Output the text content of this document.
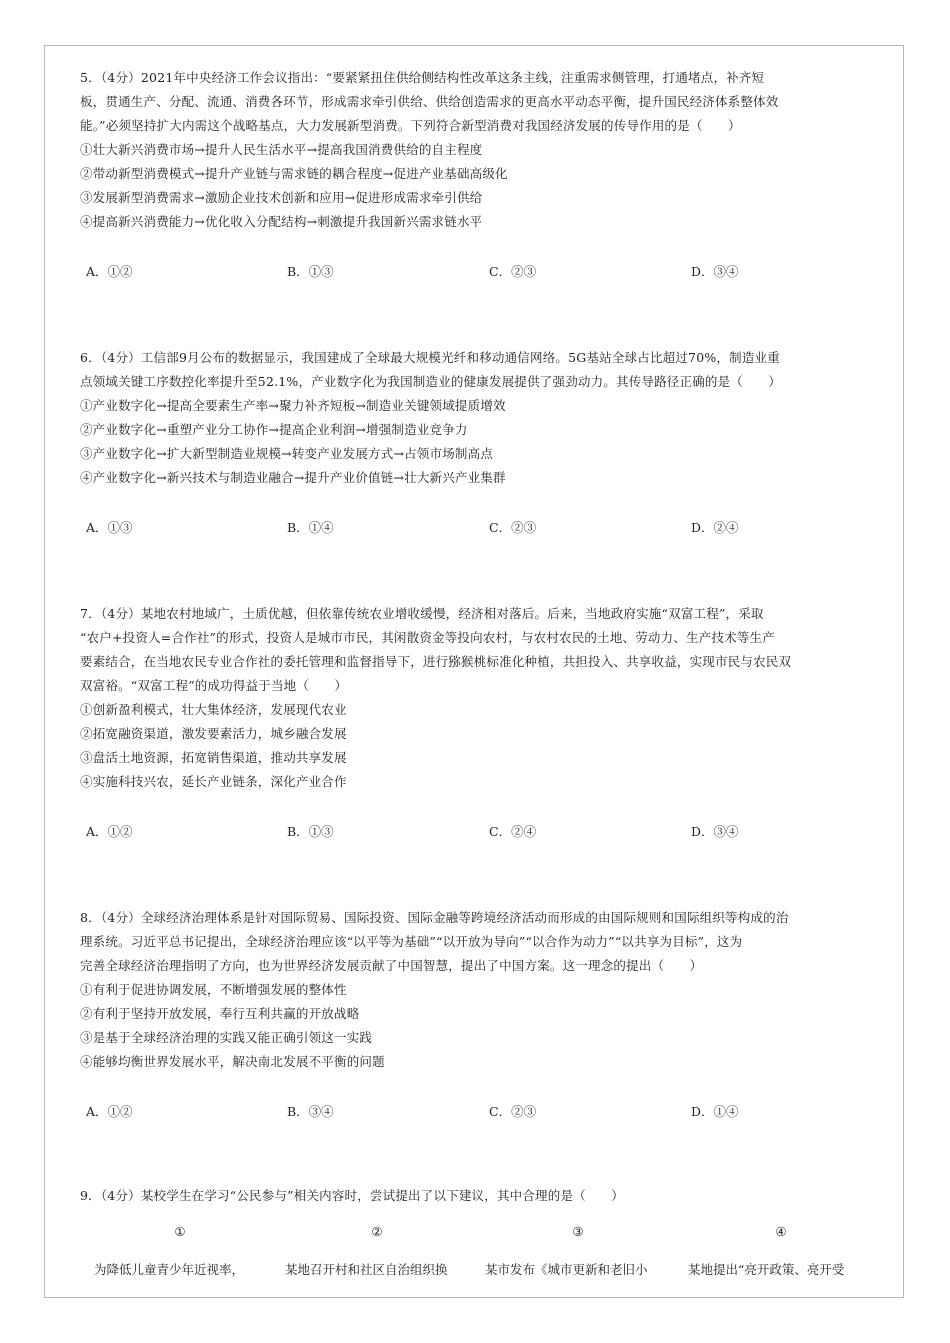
5．（4分）2021年中央经济工作会议指出：“要紧紧扭住供给侧结构性改革这条主线，注重需求侧管理，打通堵点，补齐短
板，贯通生产、分配、流通、消费各环节，形成需求牵引供给、供给创造需求的更高水平动态平衡，提升国民经济体系整体效
能。”必须坚持扩大内需这个战略基点，大力发展新型消费。下列符合新型消费对我国经济发展的传导作用的是（　　）
①壮大新兴消费市场→提升人民生活水平→提高我国消费供给的自主程度
②带动新型消费模式→提升产业链与需求链的耦合程度→促进产业基础高级化
③发展新型消费需求→激励企业技术创新和应用→促进形成需求牵引供给
④提高新兴消费能力→优化收入分配结构→刺激提升我国新兴需求链水平
A．①②	B．①③	C．②③	D．③④
6．（4分）工信部9月公布的数据显示，我国建成了全球最大规模光纤和移动通信网络。5G基站全球占比超过70%，制造业重
点领域关键工序数控化率提升至52.1%，产业数字化为我国制造业的健康发展提供了强劲动力。其传导路径正确的是（　　）
①产业数字化→提高全要素生产率→聚力补齐短板→制造业关键领域提质增效
②产业数字化→重塑产业分工协作→提高企业利润→增强制造业竞争力
③产业数字化→扩大新型制造业规模→转变产业发展方式→占领市场制高点
④产业数字化→新兴技术与制造业融合→提升产业价值链→壮大新兴产业集群
A．①③	B．①④	C．②③	D．②④
7．（4分）某地农村地域广，土质优越，但依靠传统农业增收缓慢，经济相对落后。后来，当地政府实施“双富工程”，采取
“农户+投资人=合作社”的形式，投资人是城市市民，其闲散资金等投向农村，与农村农民的土地、劳动力、生产技术等生产
要素结合，在当地农民专业合作社的委托管理和监督指导下，进行猕猴桃标准化种植，共担投入、共享收益，实现市民与农民双
双富裕。“双富工程”的成功得益于当地（　　）
①创新盈利模式，壮大集体经济，发展现代农业
②拓宽融资渠道，激发要素活力，城乡融合发展
③盘活土地资源，拓宽销售渠道，推动共享发展
④实施科技兴农，延长产业链条，深化产业合作
A．①②	B．①③	C．②④	D．③④
8．（4分）全球经济治理体系是针对国际贸易、国际投资、国际金融等跨境经济活动而形成的由国际规则和国际组织等构成的治
理系统。习近平总书记提出，全球经济治理应该“以平等为基础”“以开放为导向”“以合作为动力”“以共享为目标”，这为
完善全球经济治理指明了方向，也为世界经济发展贡献了中国智慧，提出了中国方案。这一理念的提出（　　）
①有利于促进协调发展，不断增强发展的整体性
②有利于坚持开放发展，奉行互利共赢的开放战略
③是基于全球经济治理的实践又能正确引领这一实践
④能够均衡世界发展水平，解决南北发展不平衡的问题
A．①②	B．③④	C．②③	D．①④
9．（4分）某校学生在学习“公民参与”相关内容时，尝试提出了以下建议，其中合理的是（　　）
①	②	③	④
为降低儿童青少年近视率，	某地召开村和社区自治组织换	某市发布《城市更新和老旧小	某地提出“亮开政策、亮开受
